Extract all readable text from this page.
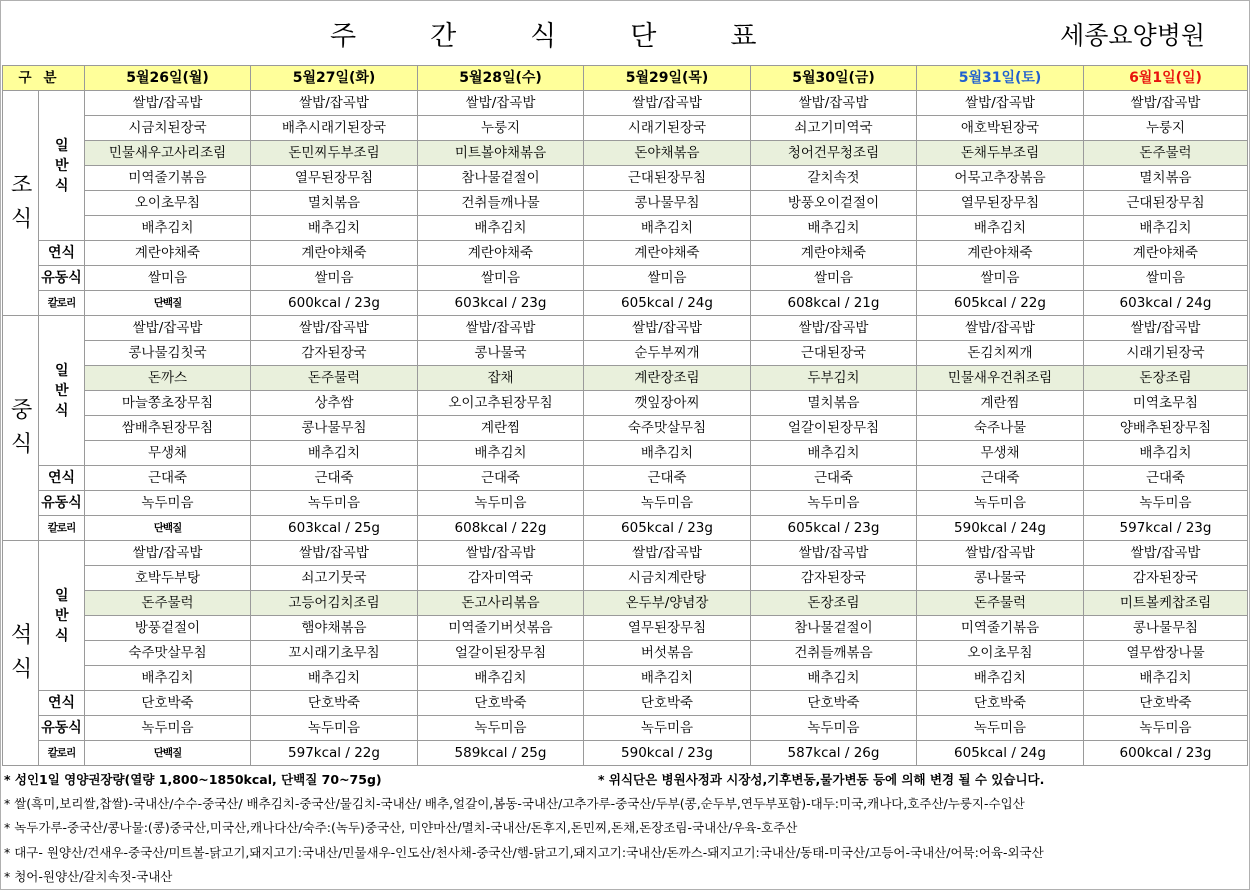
주간식단표	세종요양병원
구분		5월26일(월)	5월27일(화)	5월28일(수)	5월29일(목)	5월30일(금)	5월31일(토)	6월1일(일)	
조식	일반식	쌀밥/잡곡밥	쌀밥/잡곡밥	쌀밥/잡곡밥	쌀밥/잡곡밥	쌀밥/잡곡밥	쌀밥/잡곡밥	쌀밥/잡곡밥	
		시금치된장국	배추시래기된장국	누룽지	시래기된장국	쇠고기미역국	애호박된장국	누룽지	
		민물새우고사리조림	돈민찌두부조림	미트볼야채볶음	돈야채볶음	청어건무청조림	돈채두부조림	돈주물럭	
		미역줄기볶음	열무된장무침	참나물겉절이	근대된장무침	갈치속젓	어묵고추장볶음	멸치볶음	
		오이초무침	멸치볶음	건취들깨나물	콩나물무침	방풍오이겉절이	열무된장무침	근대된장무침	
		배추김치	배추김치	배추김치	배추김치	배추김치	배추김치	배추김치	
	연식	계란야채죽	계란야채죽	계란야채죽	계란야채죽	계란야채죽	계란야채죽	계란야채죽	
	유동식	쌀미음	쌀미음	쌀미음	쌀미음	쌀미음	쌀미음	쌀미음	
	칼로리	단백질	600kcal / 23g	603kcal / 23g	605kcal / 24g	608kcal / 21g	605kcal / 22g	603kcal / 24g	
중식	일반식	쌀밥/잡곡밥	쌀밥/잡곡밥	쌀밥/잡곡밥	쌀밥/잡곡밥	쌀밥/잡곡밥	쌀밥/잡곡밥	쌀밥/잡곡밥	
		콩나물김칫국	감자된장국	콩나물국	순두부찌개	근대된장국	돈김치찌개	시래기된장국	
		돈까스	돈주물럭	잡채	계란장조림	두부김치	민물새우건취조림	돈장조림	
		마늘쫑초장무침	상추쌈	오이고추된장무침	깻잎장아찌	멸치볶음	계란찜	미역초무침	
		쌈배추된장무침	콩나물무침	계란찜	숙주맛살무침	얼갈이된장무침	숙주나물	양배추된장무침	
		무생채	배추김치	배추김치	배추김치	배추김치	무생채	배추김치	
	연식	근대죽	근대죽	근대죽	근대죽	근대죽	근대죽	근대죽	
	유동식	녹두미음	녹두미음	녹두미음	녹두미음	녹두미음	녹두미음	녹두미음	
	칼로리	단백질	603kcal / 25g	608kcal / 22g	605kcal / 23g	605kcal / 23g	590kcal / 24g	597kcal / 23g	
석식	일반식	쌀밥/잡곡밥	쌀밥/잡곡밥	쌀밥/잡곡밥	쌀밥/잡곡밥	쌀밥/잡곡밥	쌀밥/잡곡밥	쌀밥/잡곡밥	
		호박두부탕	쇠고기뭇국	감자미역국	시금치계란탕	감자된장국	콩나물국	감자된장국	
		돈주물럭	고등어김치조림	돈고사리볶음	온두부/양념장	돈장조림	돈주물럭	미트볼케찹조림	
		방풍겉절이	햄야채볶음	미역줄기버섯볶음	열무된장무침	참나물겉절이	미역줄기볶음	콩나물무침	
		숙주맛살무침	꼬시래기초무침	얼갈이된장무침	버섯볶음	건취들깨볶음	오이초무침	열무쌈장나물	
		배추김치	배추김치	배추김치	배추김치	배추김치	배추김치	배추김치	
	연식	단호박죽	단호박죽	단호박죽	단호박죽	단호박죽	단호박죽	단호박죽	
	유동식	녹두미음	녹두미음	녹두미음	녹두미음	녹두미음	녹두미음	녹두미음	
	칼로리	단백질	597kcal / 22g	589kcal / 25g	590kcal / 23g	587kcal / 26g	605kcal / 24g	600kcal / 23g	
* 성인1일 영양권장량(열량 1,800~1850kcal, 단백질 70~75g)	* 위식단은 병원사정과 시장성,기후변동,물가변동 등에 의해 변경 될 수 있습니다.
* 쌀(흑미,보리쌀,찹쌀)-국내산/수수-중국산/ 배추김치-중국산/물김치-국내산/ 배추,얼갈이,봄동-국내산/고추가루-중국산/두부(콩,순두부,연두부포함)-대두:미국,캐나다,호주산/누룽지-수입산
* 녹두가루-중국산/콩나물:(콩)중국산,미국산,캐나다산/숙주:(녹두)중국산, 미얀마산/멸치-국내산/돈후지,돈민찌,돈채,돈장조림-국내산/우육-호주산
* 대구- 원양산/건새우-중국산/미트볼-닭고기,돼지고기:국내산/민물새우-인도산/천사채-중국산/햄-닭고기,돼지고기:국내산/돈까스-돼지고기:국내산/동태-미국산/고등어-국내산/어묵:어육-외국산
* 청어-원양산/갈치속젓-국내산
